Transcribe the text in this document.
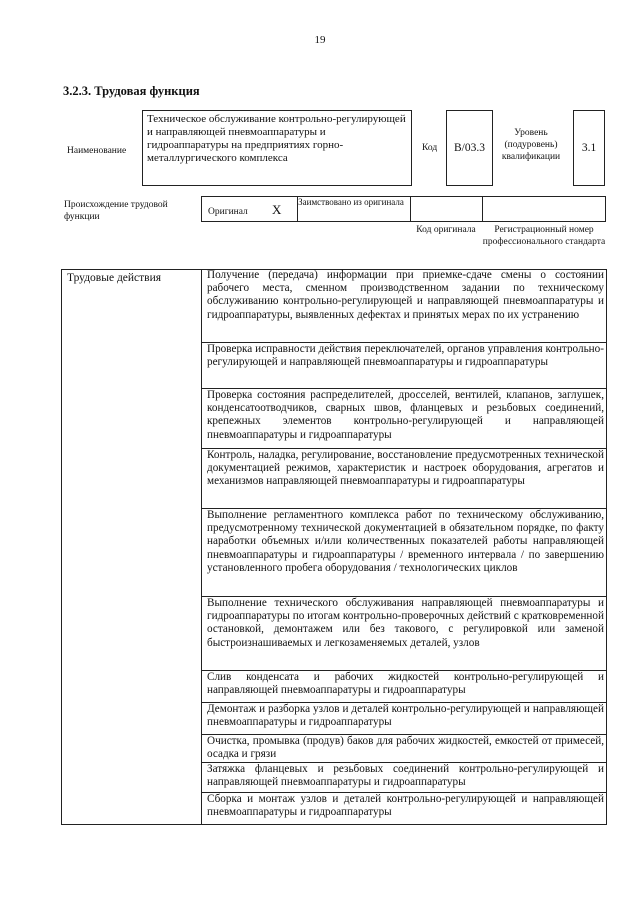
19
3.2.3. Трудовая функция
Наименование
Техническое обслуживание контрольно-регулирующей и направляющей пневмоаппаратуры и гидроаппаратуры на предприятиях горно-металлургического комплекса
Код	B/03.3
Уровень (подуровень) квалификации
3.1
Происхождение трудовой функции	Оригинал X Заимствовано из оригинала
Код оригинала	Регистрационный номер профессионального стандарта
Трудовые действия	Получение (передача) информации при приемке-сдаче смены о состоянии рабочего места, сменном производственном задании по техническому обслуживанию контрольно-регулирующей и направляющей пневмоаппаратуры и гидроаппаратуры, выявленных дефектах и принятых мерах по их устранению
Проверка исправности действия переключателей, органов управления контрольно-регулирующей и направляющей пневмоаппаратуры и гидроаппаратуры
Проверка состояния распределителей, дросселей, вентилей, клапанов, заглушек, конденсатоотводчиков, сварных швов, фланцевых и резьбовых соединений, крепежных элементов контрольно-регулирующей и направляющей пневмоаппаратуры и гидроаппаратуры
Контроль, наладка, регулирование, восстановление предусмотренных технической документацией режимов, характеристик и настроек оборудования, агрегатов и механизмов направляющей пневмоаппаратуры и гидроаппаратуры
Выполнение регламентного комплекса работ по техническому обслуживанию, предусмотренному технической документацией в обязательном порядке, по факту наработки объемных и/или количественных показателей работы направляющей пневмоаппаратуры и гидроаппаратуры / временного интервала / по завершению установленного пробега оборудования / технологических циклов
Выполнение технического обслуживания направляющей пневмоаппаратуры и гидроаппаратуры по итогам контрольно-проверочных действий с кратковременной остановкой, демонтажем или без такового, с регулировкой или заменой быстроизнашиваемых и легкозаменяемых деталей, узлов
Слив конденсата и рабочих жидкостей контрольно-регулирующей и направляющей пневмоаппаратуры и гидроаппаратуры
Демонтаж и разборка узлов и деталей контрольно-регулирующей и направляющей пневмоаппаратуры и гидроаппаратуры
Очистка, промывка (продув) баков для рабочих жидкостей, емкостей от примесей, осадка и грязи
Затяжка фланцевых и резьбовых соединений контрольно-регулирующей и направляющей пневмоаппаратуры и гидроаппаратуры
Сборка и монтаж узлов и деталей контрольно-регулирующей и направляющей пневмоаппаратуры и гидроаппаратуры
